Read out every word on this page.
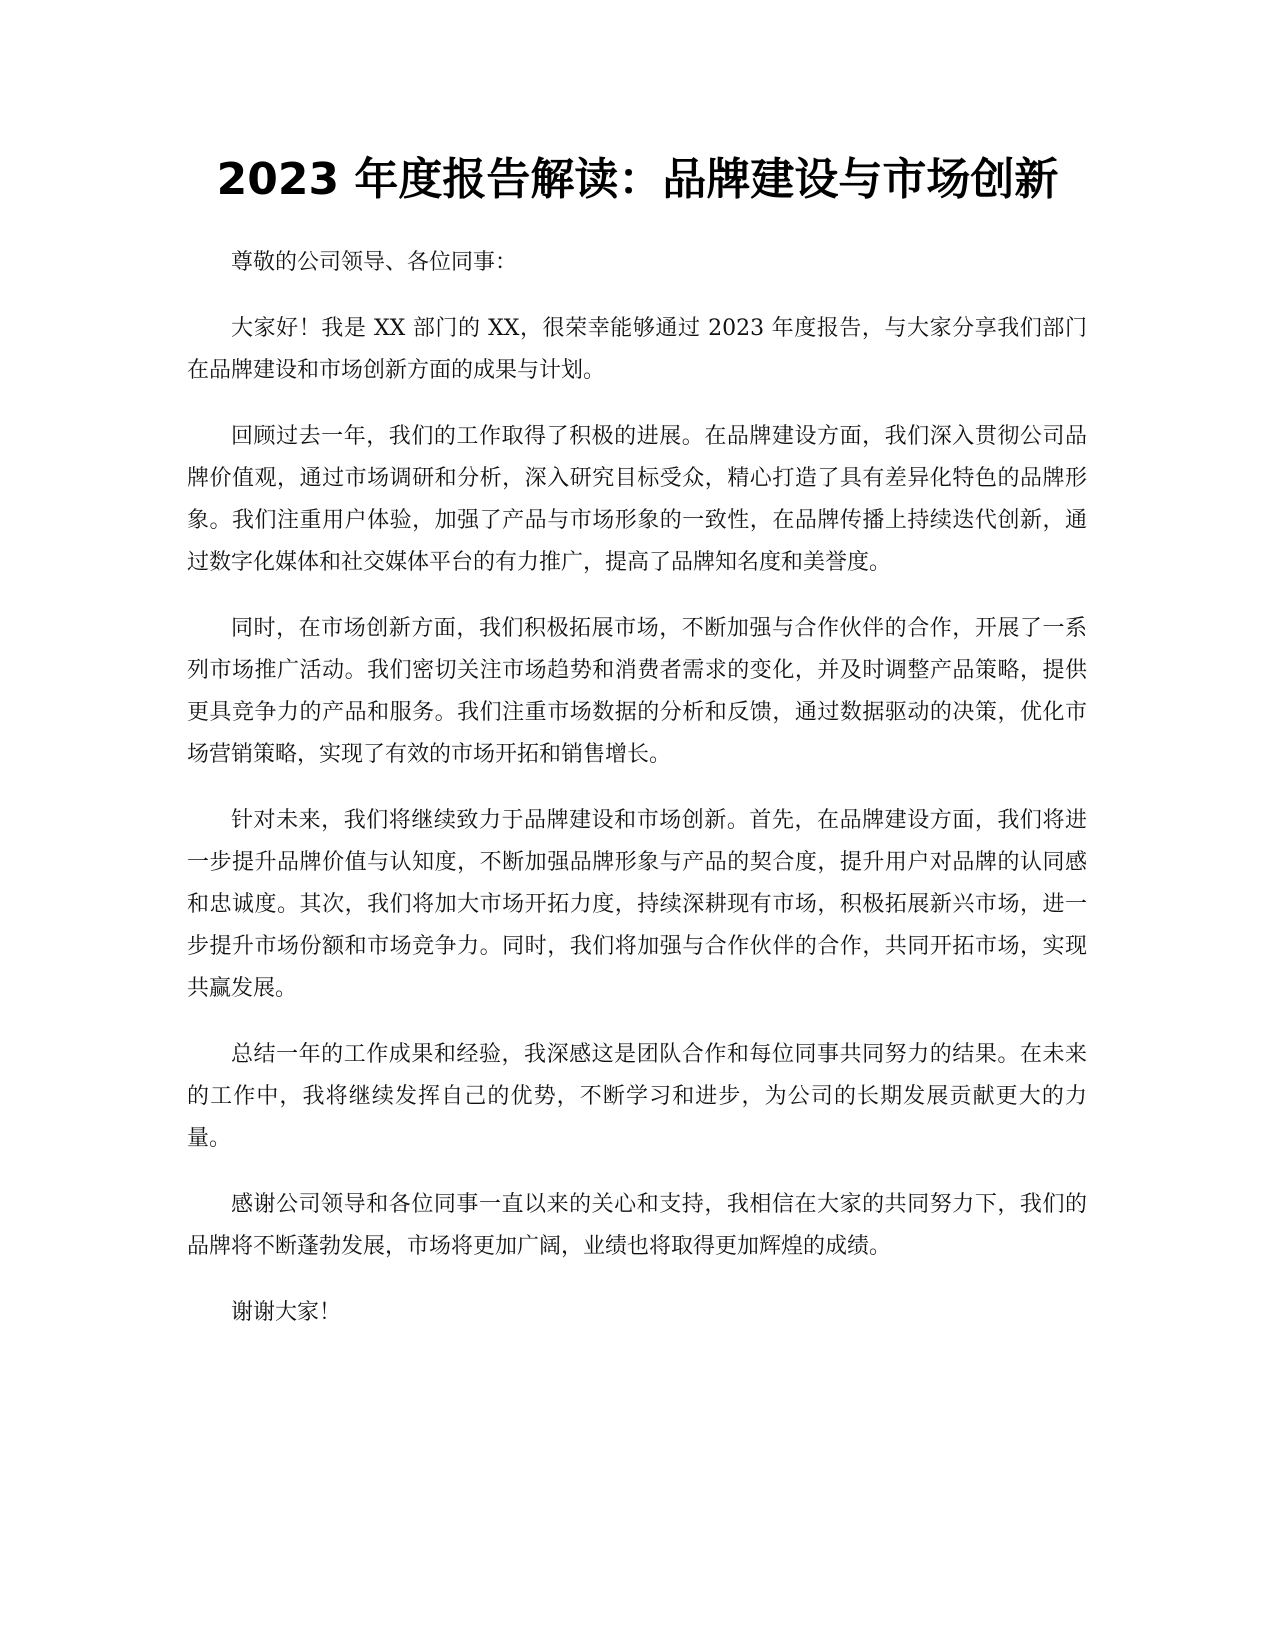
2023 年度报告解读：品牌建设与市场创新

尊敬的公司领导、各位同事：

大家好！我是 XX 部门的 XX，很荣幸能够通过 2023 年度报告，与大家分享我们部门在品牌建设和市场创新方面的成果与计划。

回顾过去一年，我们的工作取得了积极的进展。在品牌建设方面，我们深入贯彻公司品牌价值观，通过市场调研和分析，深入研究目标受众，精心打造了具有差异化特色的品牌形象。我们注重用户体验，加强了产品与市场形象的一致性，在品牌传播上持续迭代创新，通过数字化媒体和社交媒体平台的有力推广，提高了品牌知名度和美誉度。

同时，在市场创新方面，我们积极拓展市场，不断加强与合作伙伴的合作，开展了一系列市场推广活动。我们密切关注市场趋势和消费者需求的变化，并及时调整产品策略，提供更具竞争力的产品和服务。我们注重市场数据的分析和反馈，通过数据驱动的决策，优化市场营销策略，实现了有效的市场开拓和销售增长。

针对未来，我们将继续致力于品牌建设和市场创新。首先，在品牌建设方面，我们将进一步提升品牌价值与认知度，不断加强品牌形象与产品的契合度，提升用户对品牌的认同感和忠诚度。其次，我们将加大市场开拓力度，持续深耕现有市场，积极拓展新兴市场，进一步提升市场份额和市场竞争力。同时，我们将加强与合作伙伴的合作，共同开拓市场，实现共赢发展。

总结一年的工作成果和经验，我深感这是团队合作和每位同事共同努力的结果。在未来的工作中，我将继续发挥自己的优势，不断学习和进步，为公司的长期发展贡献更大的力量。

感谢公司领导和各位同事一直以来的关心和支持，我相信在大家的共同努力下，我们的品牌将不断蓬勃发展，市场将更加广阔，业绩也将取得更加辉煌的成绩。

谢谢大家！
